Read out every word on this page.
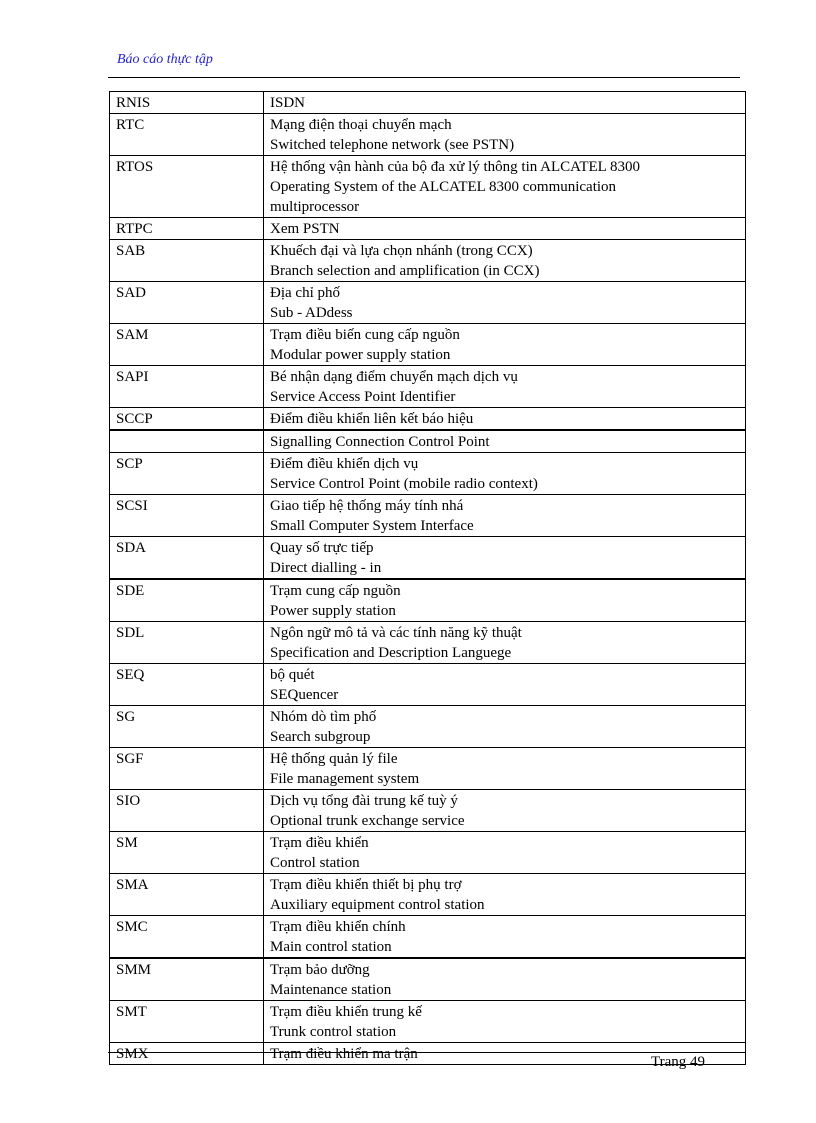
Báo cáo thực tập
RNIS	ISDN

RTC	Mạng điện thoại chuyển mạch
Switched telephone network (see PSTN)

RTOS	Hệ thống vận hành của bộ đa xử lý thông tin ALCATEL 8300
Operating System of the ALCATEL 8300 communication
multiprocessor

RTPC	Xem PSTN

SAB	Khuếch đại và lựa chọn nhánh (trong CCX)
Branch selection and amplification (in CCX)

SAD	Địa chỉ phố
Sub - ADdess

SAM	Trạm điều biến cung cấp nguồn
Modular power supply station

SAPI	Bé nhận dạng điểm chuyển mạch dịch vụ
Service Access Point Identifier

SCCP	Điểm điều khiển liên kết báo hiệu

	Signalling Connection Control Point

SCP	Điểm điều khiển dịch vụ
Service Control Point (mobile radio context)

SCSI	Giao tiếp hệ thống máy tính nhá
Small Computer System Interface

SDA	Quay số trực tiếp
Direct dialling - in

SDE	Trạm cung cấp nguồn
Power supply station

SDL	Ngôn ngữ mô tả và các tính năng kỹ thuật
Specification and Description Languege

SEQ	bộ quét
SEQuencer

SG	Nhóm dò tìm phố
Search subgroup

SGF	Hệ thống quản lý file
File management system

SIO	Dịch vụ tổng đài trung kế tuỳ ý
Optional trunk exchange service

SM	Trạm điều khiển
Control station

SMA	Trạm điều khiển thiết bị phụ trợ
Auxiliary equipment control station

SMC	Trạm điều khiển chính
Main control station

SMM	Trạm bảo dưỡng
Maintenance station

SMT	Trạm điều khiển trung kế
Trunk control station

SMX	Trạm điều khiển ma trận	Trang 49
